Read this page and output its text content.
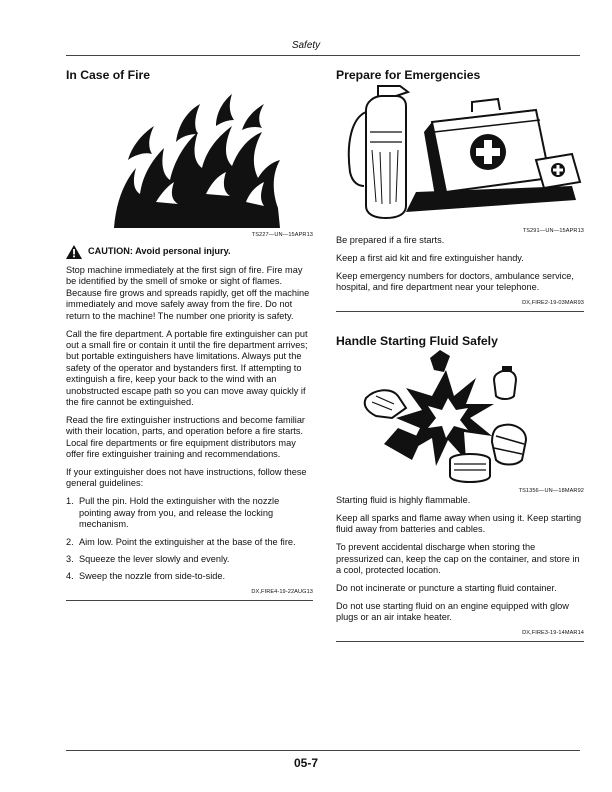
Safety
In Case of Fire
TS227—UN—15APR13
CAUTION: Avoid personal injury.

Stop machine immediately at the first sign of fire. Fire may be identified by the smell of smoke or sight of flames. Because fire grows and spreads rapidly, get off the machine immediately and move safely away from the fire. Do not return to the machine! The number one priority is safety.

Call the fire department. A portable fire extinguisher can put out a small fire or contain it until the fire department arrives; but portable extinguishers have limitations. Always put the safety of the operator and bystanders first. If attempting to extinguish a fire, keep your back to the wind with an unobstructed escape path so you can move away quickly if the fire cannot be extinguished.

Read the fire extinguisher instructions and become familiar with their location, parts, and operation before a fire starts. Local fire departments or fire equipment distributors may offer fire extinguisher training and recommendations.

If your extinguisher does not have instructions, follow these general guidelines:

1. Pull the pin. Hold the extinguisher with the nozzle pointing away from you, and release the locking mechanism.
2. Aim low. Point the extinguisher at the base of the fire.
3. Squeeze the lever slowly and evenly.
4. Sweep the nozzle from side-to-side.
DX,FIRE4-19-22AUG13
Prepare for Emergencies
TS291—UN—15APR13

Be prepared if a fire starts.

Keep a first aid kit and fire extinguisher handy.

Keep emergency numbers for doctors, ambulance service, hospital, and fire department near your telephone.

DX,FIRE2-19-03MAR93
Handle Starting Fluid Safely
TS1356—UN—18MAR92

Starting fluid is highly flammable.

Keep all sparks and flame away when using it. Keep starting fluid away from batteries and cables.

To prevent accidental discharge when storing the pressurized can, keep the cap on the container, and store in a cool, protected location.

Do not incinerate or puncture a starting fluid container.

Do not use starting fluid on an engine equipped with glow plugs or an air intake heater.

DX,FIRE3-19-14MAR14
05-7
